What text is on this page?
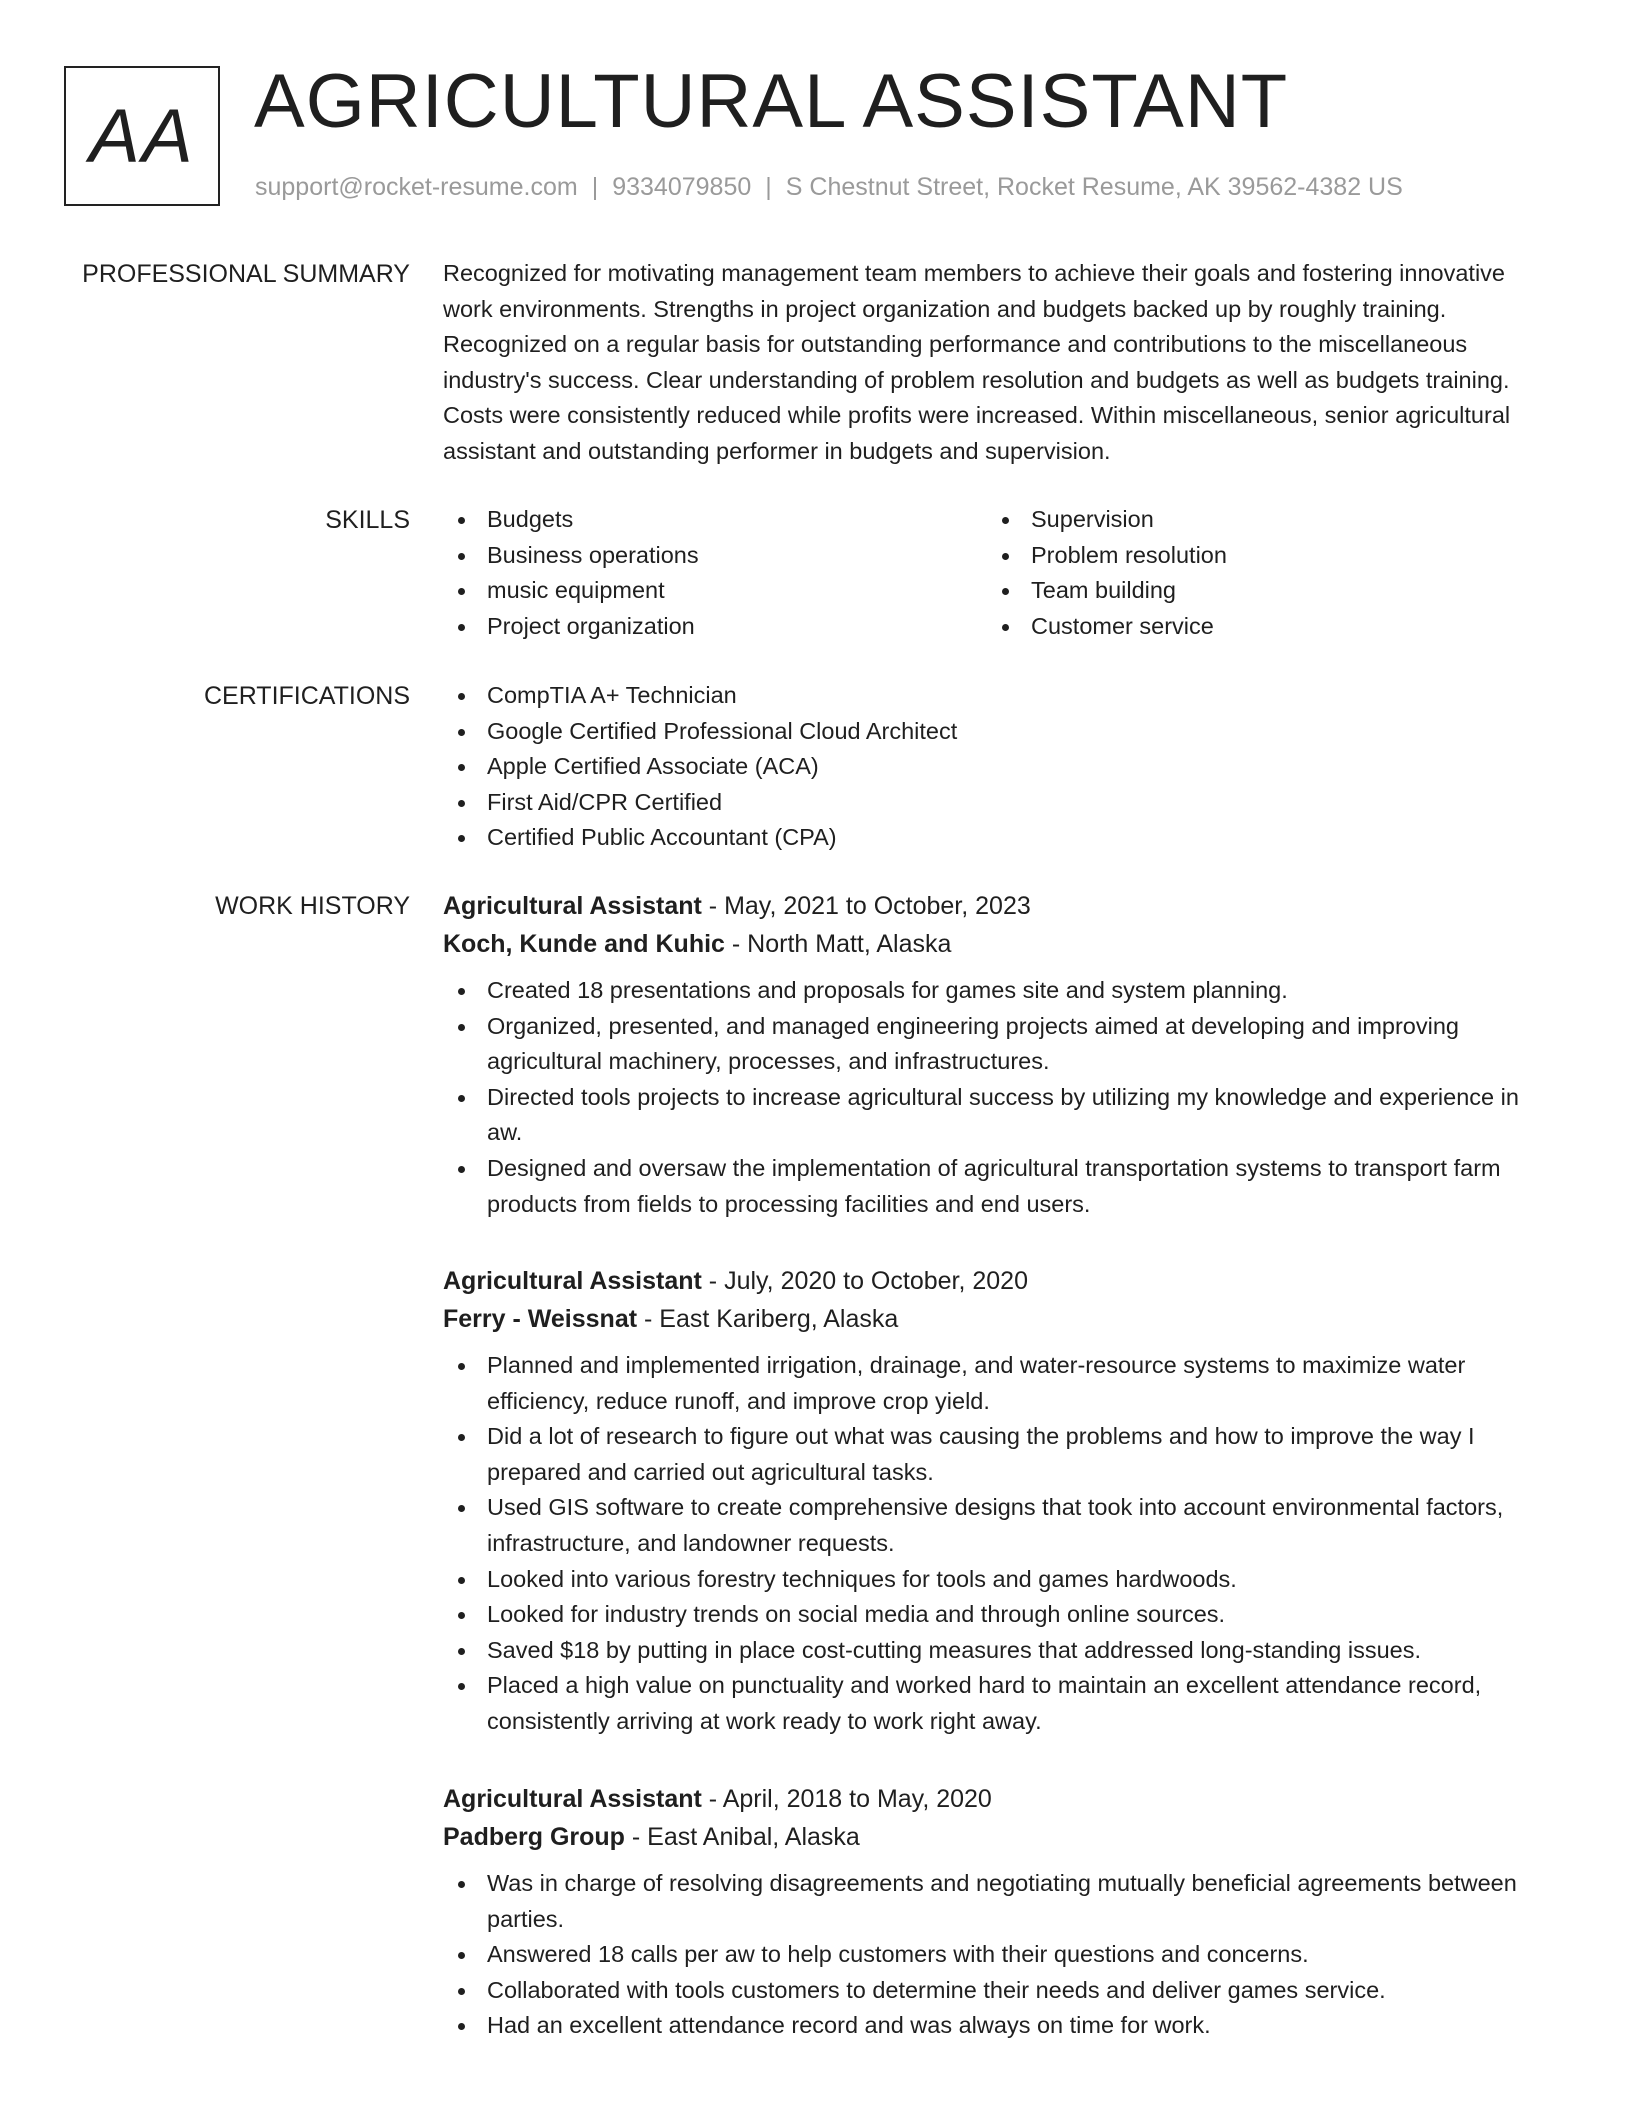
AA AGRICULTURAL ASSISTANT
support@rocket-resume.com | 9334079850 | S Chestnut Street, Rocket Resume, AK 39562-4382 US
PROFESSIONAL SUMMARY Recognized for motivating management team members to achieve their goals and fostering innovative work environments. Strengths in project organization and budgets backed up by roughly training. Recognized on a regular basis for outstanding performance and contributions to the miscellaneous industry's success. Clear understanding of problem resolution and budgets as well as budgets training. Costs were consistently reduced while profits were increased. Within miscellaneous, senior agricultural assistant and outstanding performer in budgets and supervision.

SKILLS	Budgets
Business operations
music equipment
Project organization
Supervision
Problem resolution
Team building
Customer service
CERTIFICATIONS	CompTIA A+ Technician
Google Certified Professional Cloud Architect
Apple Certified Associate (ACA)
First Aid/CPR Certified
Certified Public Accountant (CPA)
WORK HISTORY Agricultural Assistant - May, 2021 to October, 2023
Koch, Kunde and Kuhic - North Matt, Alaska
Created 18 presentations and proposals for games site and system planning.
Organized, presented, and managed engineering projects aimed at developing and improving agricultural machinery, processes, and infrastructures.
Directed tools projects to increase agricultural success by utilizing my knowledge and experience in aw.
Designed and oversaw the implementation of agricultural transportation systems to transport farm products from fields to processing facilities and end users.
Agricultural Assistant - July, 2020 to October, 2020
Ferry - Weissnat - East Kariberg, Alaska
Planned and implemented irrigation, drainage, and water-resource systems to maximize water efficiency, reduce runoff, and improve crop yield.
Did a lot of research to figure out what was causing the problems and how to improve the way I prepared and carried out agricultural tasks.
Used GIS software to create comprehensive designs that took into account environmental factors, infrastructure, and landowner requests.
Looked into various forestry techniques for tools and games hardwoods.
Looked for industry trends on social media and through online sources.
Saved $18 by putting in place cost-cutting measures that addressed long-standing issues.
Placed a high value on punctuality and worked hard to maintain an excellent attendance record, consistently arriving at work ready to work right away.
Agricultural Assistant - April, 2018 to May, 2020
Padberg Group - East Anibal, Alaska
Was in charge of resolving disagreements and negotiating mutually beneficial agreements between parties.
Answered 18 calls per aw to help customers with their questions and concerns.
Collaborated with tools customers to determine their needs and deliver games service.
Had an excellent attendance record and was always on time for work.
